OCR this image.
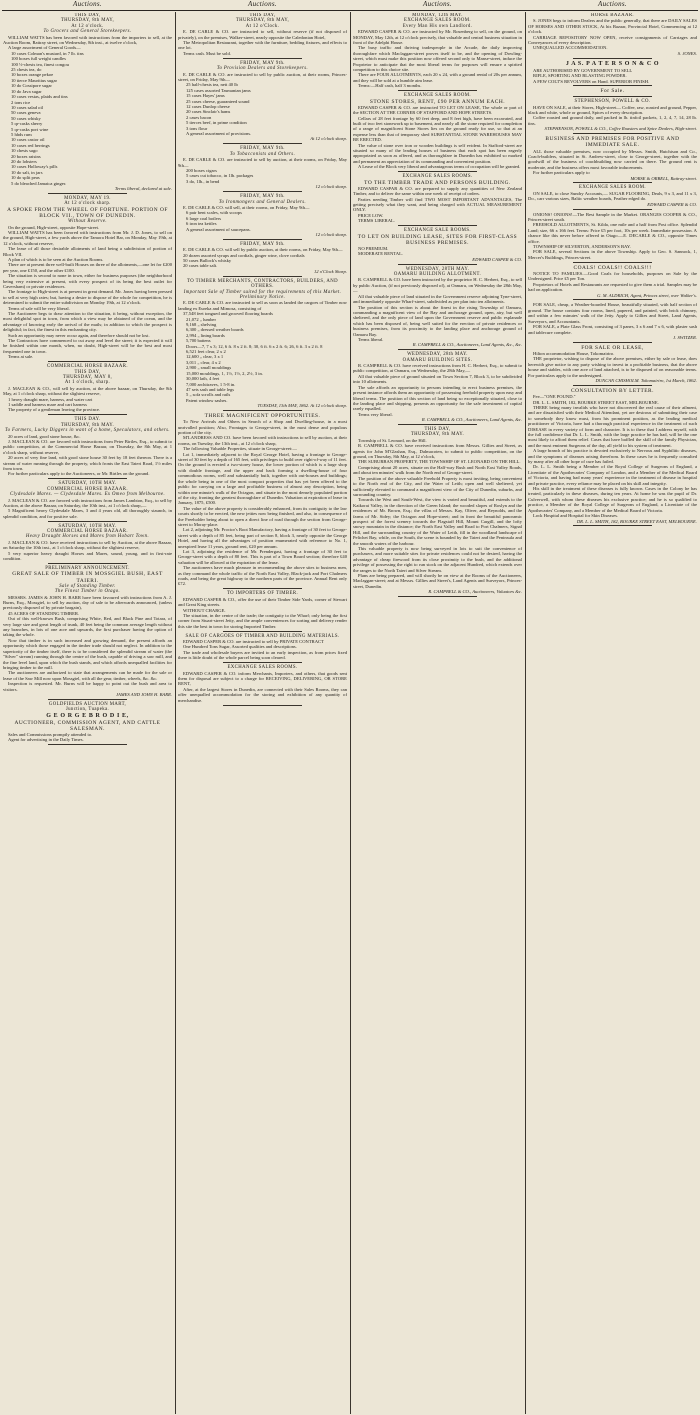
Auctions.	Auctions.	Auctions.	Auctions.
THIS DAY,
THURSDAY, 8th MAY,
At 12 o'clock.
To Grocers and General Storekeepers.

WILLIAM WATTS has been favored with instructions from the importers to sell, at the Auction Room, Rattray street, on Wednesday, 8th inst., at twelve o'clock,

A large assortment of General Goods—

10 cases Colman's mustard, in 7 lb. tins
100 boxes full weight candles
100 ½-chests tea, finest congou
25 chests tea, do
10 boxes orange pekoe
10 tierce Mauritius sugar
10 do Cossipore sugar
10 do Java sugar
10 cases vestas, plaids and tins
2 tons rice
10 cases salad oil
50 cases geneva
50 cases whisky
5 qr-casks sherry
5 qr-casks port wine
5 hhds rum
10 cases castor oil
10 cases red herrings
10 chests sago
20 boxes raisins
20 do lobsters
10 cases Holloway's pills
10 do salt, in jars
10 do split peas
5 do bleached Jamaica ginger.

Terms liberal, declared at sale.

MONDAY, MAY 19.
At 12 o'clock sharp.
A SPOKE FROM THE WHEEL OF FORTUNE. PORTION OF BLOCK VII., TOWN OF DUNEDIN.
Without Reserve.

On the ground, High-street, opposite Hope-street.

WILLIAM WATTS has been favored with instructions from Mr. J. D. Jones, to sell on the ground, High-street, a few yards above the Tamora Hotel Bar, on Monday, May 19th, at 12 o'clock, without reserve,

The lease of all those desirable allotments of land being a subdivision of portion of Block VII.

A plan of which is to be seen at the Auction Rooms.

There are at present three well-built Houses on three of the allotments,—one let for £200 per year, one £150, and the other £100.

The situation is second to none in town, either for business purposes (the neighborhood being very extensive at present, with every prospect of its being the best outlet for Caversham) or private residences.

The frontage to High-street is at present in great demand. Mr. Jones having been pressed to sell at very high rates; but, having a desire to dispose of the whole for competition, he is determined to submit the entire subdivision on Monday 19th, at 12 o'clock.

Terms of sale will be very liberal.

The Auctioneer begs to draw attention to the situation, it being, without exception, the most delightful spot in town, from which a view may be obtained of the ocean, and the advantage of knowing early the arrival of the mails; in addition to which the prospect is delightful; in fact, the finest in this enchanting city.

Such an opportunity may never occur again, and therefore should not be lost.

The Contractors have commenced to cut away and level the street; it is expected it will be finished within one month, when, no doubt, High-street will be the best and most frequented one in town.

Terms at sale.

COMMERCIAL HORSE BAZAAR.
THIS DAY,
THURSDAY, MAY 8,
At 1 o'clock, sharp.

J. MACLEAN & CO., will sell by auction, at the above bazaar, on Thursday, the 8th May, at 1 o'clock sharp, without the slightest reserve,

1 heavy draught mare, harness, and water cart

1 saddle and harness mare and cart harness

The property of a gentleman leaving the province.

THIS DAY.
THURSDAY, 8th MAY.
To Farmers, Lucky Diggers in want of a home, Speculators, and others.

20 acres of land, good stone house, &c.

J. MACLEAN & CO. are favored with instructions from Peter Birtles, Esq., to submit to public competition, at the Commercial Horse Bazaar, on Thursday, the 8th May, at 1 o'clock sharp, without reserve,

20 acres of very fine land, with good stone house 30 feet by 18 feet thereon. There is a stream of water running through the property, which fronts the East Taieri Road, 1½ miles from town.

For further particulars apply to the Auctioneers, or Mr. Birtles on the ground.

SATURDAY, 10TH MAY.
COMMERCIAL HORSE BAZAAR.
Clydesdale Mares. — Clydesdale Mares. Ex Omeo from Melbourne.

J. MACLEAN & CO. are favored with instructions from James Lambton, Esq., to sell by Auction, at the above Bazaar, on Saturday, the 10th inst., at 1 o'clock sharp,—

5 Magnificent heavy Clydesdale Mares, 3 and 4 years old, all thoroughly staunch, in splendid condition, and for positive sale.

SATURDAY, 10TH MAY.
COMMERCIAL HORSE BAZAAR.
Heavy Draught Horses and Mares from Hobart Town.

J. MACLEAN & CO. have received instructions to sell by Auction, at the above Bazaar, on Saturday the 10th inst., at 1 o'clock sharp, without the slightest reserve,

5 very superior heavy draught Horses and Mares, sound, young, and in first-rate condition.

PRELIMINARY ANNOUNCEMENT.
GREAT SALE OF TIMBER IN MOSSGIEL BUSH, EAST TAIERI.
Sale of Standing Timber.
The Finest Timber in Otago.

MESSRS. JAMES & JOHN H. BARR have been favoured with instructions from A. J. Burns, Esq., Mossgiel, to sell by auction, day of sale to be afterwards announced, (unless previously disposed of by private bargain),

45 ACRES OF STANDING TIMBER.

Out of this well-known Bush, comprising White, Red, and Black Pine and Totara, of very large size and great length of trunk, 40 feet being the common average length without any branches, in lots of one acre and upwards, the first purchaser having the option of taking the whole.

Now that timber is in such increased and growing demand, the present affords an opportunity which those engaged in the timber trade should not neglect. In addition to the superiority of the timber itself, there is to be considered the splendid stream of water (the "Silver" stream) running through the centre of the bush, capable of driving a saw mill, and the fine level land, upon which the bush stands, and which affords unequalled facilities for bringing timber to the mill.

The auctioneers are authorized to state that arrangements can be made for the sale or lease of the Saw Mill now upon Mossgiel, with all the gear, timber, wheels, &c. &c.

Inspection is requested. Mr. Burns will be happy to point out the bush and area to visitors.

JAMES AND JOHN H. BARR.

GOLDFIELDS AUCTION MART,
Junction, Tuapeka.
G E O R G E B R O D I E,
AUCTIONEER, COMMISSION AGENT, AND CATTLE SALESMAN.

Sales and Commissions promptly attended to.

Agent for advertising in the Daily Times.

THIS DAY,
THURSDAY, 8th MAY,
At 12 o'Clock.

E. DE CARLE & CO. are instructed to sell, without reserve (if not disposed of privately), on the premises, Walker-street, nearly opposite the Caledonian Hotel,

The Metropolitan Restaurant, together with the furniture, bedding fixtures, and effects to one lot.

Terms cash. Must be sold.

FRIDAY, MAY 9th.
To Provision Dealers and Storekeepers.

E. DE CARLE & CO. are instructed to sell by public auction, at their rooms, Princes-street, on Friday, May 9th—

25 half-chests tea, nett 40 lb
125 cases assorted Tasmanian jams
15 cases Hayes' jams
25 cases cheese, guaranteed sound
12 cases Dunlop cheese
20 cases Sinclair's hams
2 cases bacon
5 tierces beef, in prime condition
3 tons flour
A general assortment of provisions.

At 12 o'clock sharp.

FRIDAY, MAY 9th.
To Tobacconists and Others.

E. DE CARLE & CO. are instructed to sell by auction, at their rooms, on Friday, May 9th—

200 boxes cigars
5 cases cut tobacco, in 1lb. packages
3 do, 1lb., in bend

12 o'clock sharp.

FRIDAY, MAY 9th.
To Ironmongers and General Dealers.

E. DE CARLE & CO. will sell, at their rooms, on Friday, May 9th—

6 pair bent scales, with scoops
6 large coal boilers
6 iron tea kettles
A general assortment of saucepans.

12 o'clock sharp.

FRIDAY, MAY 9th.

E. DE CARLE & CO. will sell by public auction, at their rooms, on Friday, May 9th—

20 dozen assorted syrups and cordials, ginger wine, clove cordials

50 cases Bullock's whisky

20 cases table salt.

12 o'Clock Sharp.

TO TIMBER MERCHANTS, CONTRACTORS, BUILDERS, AND OTHERS.
Important Sale of Timber suited for the requirements of this Market. Preliminary Notice.

E. DE CARLE & CO. are instructed to sell as soon as landed the cargoes of Timber now landing ex Eureka and Mimosa, consisting of

37,548 feet tongued and grooved flooring boards

21,072 „ lumber
9,168 „ shelving
6,300 „ dressed weather boards
2,994 „ lining boards
5,700 battens
Doors—7, 7 x 3; 12, 6 ft. 8 x 2 ft. 8; 30, 6 ft. 6 x 2 ft. 6; 26, 6 ft. 3 x 2 ft. 8
6,521 feet clear, 2 x 2
12,600 „ clear, 3 x 1
3,011 „ clear, 4 x 2
2,900 „ small mouldings
15,000 mouldings, 1, 1½, 1½, 2, 2½, 3 in.
30,000 lath, 4 feet
7,000 architraves, 1 5-8 in.
47 sets sash and table legs
5 „ sofa scrolls and rails
Patent window sashes.

TUESDAY, 13th MAY, 1862. At 12 o'clock sharp.

THREE MAGNIFICENT OPPORTUNITIES.

To New Arrivals and Others in Search of a Shop and Dwelling-house, in a most unrivalled position; Also, Frontages to George-street, in the most dense and populous portion of the city.

M'LANDRESS AND CO. have been favored with instructions to sell by auction, at their rooms, on Tuesday, the 13th inst., at 12 o'clock sharp,

The following Valuable Properties, situate in George-street:—

Lot 1, immediately adjacent to the Royal George Hotel, having a frontage to George-street of 30 feet by a depth of 165 feet, with privileges to build over right-of-way of 11 feet. On the ground is erected a two-storey house, the lower portion of which is a large shop with double frontage, and the upper and back forming a dwelling-house of four commodious rooms, well and substantially built, together with out-houses and buildings; the whole being in one of the most compact properties that has yet been offered to the public for carrying on a large and profitable business of almost any description, being within one minute's walk of the Octagon, and situate in the most densely populated portion of the city, fronting the greatest thoroughfare of Dunedin. Valuation at expiration of lease in January, 1875, £500.

The value of the above property is considerably enhanced, from its contiguity to the law courts shortly to be erected, the new jetties now being finished, and also, in consequence of the Freeholder being about to open a direct line of road through the section from George-street to Moray-place.

Lot 2, adjoining Mr. Proctor's Boot Manufactory, having a frontage of 30 feet to George-street with a depth of 85 feet, being part of section 8, block 3, nearly opposite the George Hotel, and having all the advantages of position enumerated with reference to No. 1, unexpired lease 11 years, ground rent, £20 per annum.

Lot 3, adjoining the residence of Mr. Prendergast, having a frontage of 30 feet to George-street with a depth of 80 feet. This is part of a Town Board section; therefore £40 valuation will be allowed at the expiration of the lease.

The auctioneers have much pleasure in recommending the above sites to business men, as they command the whole traffic of the North East Valley, Black-jack and Port Chalmers roads, and being the great highway to the northern parts of the province. Annual Rent only £72.

TO IMPORTERS OF TIMBER.

EDWARD CASPER & CO., offer the use of their Timber Side Yards, corner of Stewart and Great King streets.

WITHOUT CHARGE.

The situation, in the centre of the trade; the contiguity to the Wharf; only being the first corner from Stuart-street Jetty, and the ample conveniences for sorting and delivery render this site the best in town for storing Imported Timber.

SALE OF CARGOES OF TIMBER AND BUILDING MATERIALS.

EDWARD CASPER & CO. are instructed to sell by PRIVATE CONTRACT

One Hundred Tons Sugar, Assorted qualities and descriptions.

The trade and wholesale buyers are invited to an early inspection, as from prices fixed there is little doubt of the whole parcel being soon cleared.

EXCHANGE SALES ROOMS.

EDWARD CASPER & CO. inform Merchants, Importers, and others, that goods sent them for disposal are subject to a charge for RECEIVING, DELIVERING, OR STORE RENT,

After, at the largest Stores in Dunedin, are connected with their Sales Rooms, they can offer unequalled accommodation for the storing and exhibition of any quantity of merchandise.

MONDAY, 12th MAY.
EXCHANGE SALES ROOM.
Every Man His own Landlord.

EDWARD CASPER & CO. are instructed by Mr. Rosenberg to sell, on the ground, on MONDAY, May 12th, at 12 o'clock precisely, that valuable and central business situation in front of the Adelphi House.

The busy traffic and thriving tradespeople in the Arcade, the daily improving thoroughfare which Maclaggan-street proves itself to be, and the opening of Dowling-street, which must make this position now offered second only to Manse-street, induce the Proprietor to anticipate that the most liberal terms for purposes will ensure a spirited competition to this choice site.

There are FOUR ALLOTMENTS, each 20 x 24, with a ground rental of 20s per annum, and they will be sold at a humble aim lease.

Terms:—Half cash, half 3 months.

EXCHANGE SALES ROOM.
STONE STORES, RENT, £90 PER ANNUM EACH.

EDWARD CASPER & CO. are instructed TO LET ON LEASE, The whole or part of the SECTION AT THE CORNER OF STAFFORD AND HOPE STREETS.

Cellars of 28 feet frontage by 60 feet deep, and 8 feet high, have been excavated, and built of two feet stonework up to basement, and nearly all the stone required for completion of a range of magnificent Stone Stores lies on the ground ready for use, so that at an expense less than that of temporary shed SUBSTANTIAL STONE WAREHOUSES MAY BE ERECTED.

The value of stone over iron or wooden buildings is self evident. In Stafford-street are situated so many of the leading houses of business that each spot has been eagerly appropriated as soon as offered, and as thoroughfare in Dunedin has exhibited so marked and permanent an appreciation of its commanding and convenient position.

A Lease of the Block very liberal and advantageous terms of occupation will be granted.

EXCHANGE SALES ROOMS.
TO THE TIMBER TRADE AND PERSONS BUILDING.

EDWARD CASPAR & CO. are prepared to supply any quantities of New Zealand Timber, and to deliver the same within one week of receipt of orders.

Parties needing Timber will find TWO MOST IMPORTANT ADVANTAGES, The getting precisely what they want, and being charged with ACTUAL MEASUREMENT ONLY.

PRICE LOW.

TERMS LIBERAL.

EXCHANGE SALE ROOMS.
TO LET ON BUILDING LEASE, SITES FOR FIRST-CLASS BUSINESS PREMISES.

NO PREMIUM.

MODERATE RENTAL.

EDWARD CASPER & CO.

WEDNESDAY, 28TH MAY.
OAMARU BUILDING ALLOTMENT.

R. CAMPBELL & CO. have been instructed by the proprietor H. C. Herbert, Esq., to sell by public Auction, (if not previously disposed of), at Oamaru, on Wednesday the 28th May,—

All that valuable piece of land situated in the Government reserve adjoining Tyne-street, and immediately opposite Wharf-street, subdivided as per plan into ten allotments.

The position of this section is about the finest in the rising Township of Oamaru, commanding a magnificent view of the Bay and anchorage ground, open, airy, but well sheltered, and the only piece of land upon the Government reserve and public esplanade which has been disposed of, being well suited for the erection of private residences or business premises, from its proximity to the landing place and anchorage ground of Oamaru Bay.

Terms liberal.

R. CAMPBELL & CO., Auctioneers, Land Agents, &c., &c.

WEDNESDAY, 28th MAY.
OAMARU BUILDING SITES.

R. CAMPBELL & CO. have received instructions from H. C. Herbert, Esq., to submit to public competition, at Oamaru, on Wednesday, the 28th May,—

All that valuable piece of ground situated on Town Section 7, Block 3, to be subdivided into 10 allotments.

The sale affords an opportunity to persons intending to erect business premises, the present instance affords them an opportunity of possessing freehold property upon easy and liberal terms. The position of this section of land being so exceptionally situated, close to the landing place and shipping, presents an opportunity for the safe investment of capital rarely equalled.

Terms very liberal.

R. CAMPBELL & CO., Auctioneers, Land Agents, &c.

THIS DAY,
THURSDAY, 8th MAY.

Township of St. Leonard, on the Hill.

R. CAMPBELL & CO. have received instructions from Messrs. Gillies and Street, as agents for John M'Glashan, Esq., Dalmacoten, to submit to public competition, on the ground, on Thursday, 8th May, at 12 o'clock,

THE SUBURBAN PROPERTY, THE TOWNSHIP OF ST. LEONARD ON THE HILL.

Comprising about 20 acres, situate on the Half-way Bush and North East Valley Roads, and about ten minutes' walk from the North end of George-street.

The position of the above valuable Freehold Property is most inviting, being convenient to the North end of the City, and the Water of Leith; open and well sheltered, yet sufficiently elevated to command a magnificent view of the City of Dunedin, suburbs, and surrounding country.

Towards the West and South-West, the view is varied and beautiful, and extends to the Kaikorai Valley, in the direction of the Green Island; the wooded slopes of Roslyn and the residences of Mr. Brown, Esq.; the villas of Messrs. Kay, Oliver, and Reynolds, and the farms of Mr. Sidey; the Octagon and Hope-street; and in front the beautiful panoramic prospect of the forest scenery towards the Flagstaff Hill, Mount Cargill, and the lofty snowy mountain in the distance; the North East Valley and Road to Port Chalmers, Signal Hill, and the surrounding country of the Water of Leith, fill in the woodland landscape of Pelichet Bay, while, on the South, the scene is bounded by the Taieri and the Peninsula and the smooth waters of the harbour.

This valuable property is now being surveyed in lots to suit the convenience of purchasers, and more suitable sites for private residences could not be desired, having the advantage of cheap firewood from its close proximity to the bush, and the additional privilege of possessing the right to run stock on the adjacent Hundred, which extends over the ranges to the North Taieri and Silver Stream.

Plans are being prepared, and will shortly be on view at the Rooms of the Auctioneers, Maclaggan-street; and at Messrs. Gillies and Street's, Land Agents and Surveyors, Princes-street, Dunedin.

R. CAMPBELL & CO., Auctioneers, Valuators &c.

HORSE BAZAAR.

S. JONES begs to inform Dealers and the public generally, that there are DAILY SALES OF HORSES AND OTHER STOCK, At his Bazaar, Provincial Hotel, Commencing at 12 o'clock.

CARRIAGE REPOSITORY NOW OPEN, receive consignments of Carriages and Conveyances of every description.

UNEQUALLED ACCOMMODATION.

S. JONES.

J A S. P A T E R S O N & C O

ARE AUTHORISED BY GOVERNMENT TO SELL

RIFLE, SPORTING AND BLASTING POWDER.

A FEW COLT'S REVOLVERS on Hand. SUPERIOR FINISH.

For Sale.
STEPHENSON, POWELL & CO.

HAVE ON SALE, at their Stores, High-street— Coffee, raw, roasted and ground, Pepper, black and white, whole or ground, Spices of every description.

Coffee roasted and ground daily, and packed in lb. tinfoil packets, 1, 2, 4, 7, 14, 28 lb. tins.

STEPHENSON, POWELL & CO., Coffee Roasters and Spice Dealers, High-street.

BUSINESS AND PREMISES FOR POSITIVE AND IMMEDIATE SALE.

ALL those valuable premises, now occupied by Messrs. Smith, Hutchison and Co., Coach-builders, situated in St. Andrew-street, close to George-street, together with the goodwill of the business of coachbuilding now carried on there. The ground rent is moderate, and the business offers most favorable inducements.

For further particulars apply to

MORSE & ORBELL, Rattray-street.

EXCHANGE SALES ROOM.

ON SALE, to close Sundry Accounts,— SUGAR FLOORING, Deals, 9 x 3, and 11 x 3, Do., carr various sizes, Baltic weather boards, Feather edged do.

EDWARD CASPER & CO.

ONIONS! ONIONS!—The Best Sample in the Market. ORANGES COOPER & CO., Princes-street south.

FREEHOLD ALLOTMENTS, St. Kilda, one mile and a half from Post office. Splendid Land; size, 66 x 166 feet. Terms: Price £5 per foot, 10s per week. Immediate possession. A chance like this never before offered in Otago.—E. DECARLE & CO., opposite Times office.

TOWNSHIP OF SILVERTON, ANDERSON'S BAY.

FOR SALE, several Sections in the above Township. Apply to Geo. S. Sannock, 1, Mercer's Buildings, Princes-street.

COALS! COALS!! COALS!!!

NOTICE TO FAMILIES.—Good Coals for households, purposes on Sale by the Undersigned. Price £5 per Ton.

Proprietors of Hotels and Restaurants are requested to give them a trial. Samples may be had on application.

G. M. ALDRICH, Agent, Princes street, over Walker's.

FOR SALE, cheap, a Weather-boarded House, beautifully situated, with half section of ground. The house contains four rooms, lined, papered, and painted, with brick chimney, and within a few minutes' walk of the Jetty. Apply to Gillies and Street, Land Agents, Surveyors, and Accountants.

FOR SALE, a Plate Glass Front, consisting of 3 panes, 3 x 6 and 7 x 6, with plaster sash and tablecure complete.

J. SWITZER.

FOR SALE OR LEASE,

Hilton accommodation House, Tokomairiro.

THE proprietor, wishing to dispose of the above premises, either by sale or lease, does herewith give notice to any party wishing to invest in a profitable business, that the above house and stables, with one acre of land attached, is to be disposed of on reasonable terms. For particulars apply to the undersigned.

DUNCAN CHISHOLM. Tokomairiro, 1st March, 1862.

CONSULTATION BY LETTER.

Fee—"ONE POUND."

DR. L. L. SMITH, 182, BOURKE STREET EAST, MELBOURNE.

THERE being many invalids who have not discovered the real cause of their ailment, and are dissatisfied with their Medical Attendant, yet are desirous of submitting their case to somebody they know must, from his prominent position, as the leading medical practitioner of Victoria, have had a thorough practical experience in the treatment of such DISEASE in every variety of form and character. It is to these that I address myself, with the full confidence that Dr. L. L. Smith, with the large practice he has had, will be the one most likely to afford them relief. Cases that have baffled the skill of the family Physician, and the most eminent Surgeons of the day, all yield to his system of treatment.

A large branch of his practice is devoted exclusively to Nervous and Syphilitic diseases, and the symptoms of diseases arising therefrom. In these cases he is frequently consulted by many after all other hope of cure has failed.

Dr. L. L. Smith being a Member of the Royal College of Surgeons of England, a Licentiate of the Apothecaries' Company of London, and a Member of the Medical Board of Victoria, and having had many years' experience in the treatment of disease in hospital and private practice, every reliance may be placed on his skill and integrity.

His skill in the treatment of these diseases is fully known. Cases in the Colony he has treated, particularly in these diseases, during ten years. At home he was the pupil of Dr. Culverwell, with whom these diseases his exclusive practice; and he is so qualified to practice, a Member of the Royal College of Surgeons of England, a Licentiate of the Apothecaries' Company, and a Member of the Medical Board of Victoria.

Lock Hospital and Hospital for Skin Diseases.

DR. L. L. SMITH, 182, BOURKE STREET EAST, MELBOURNE.
